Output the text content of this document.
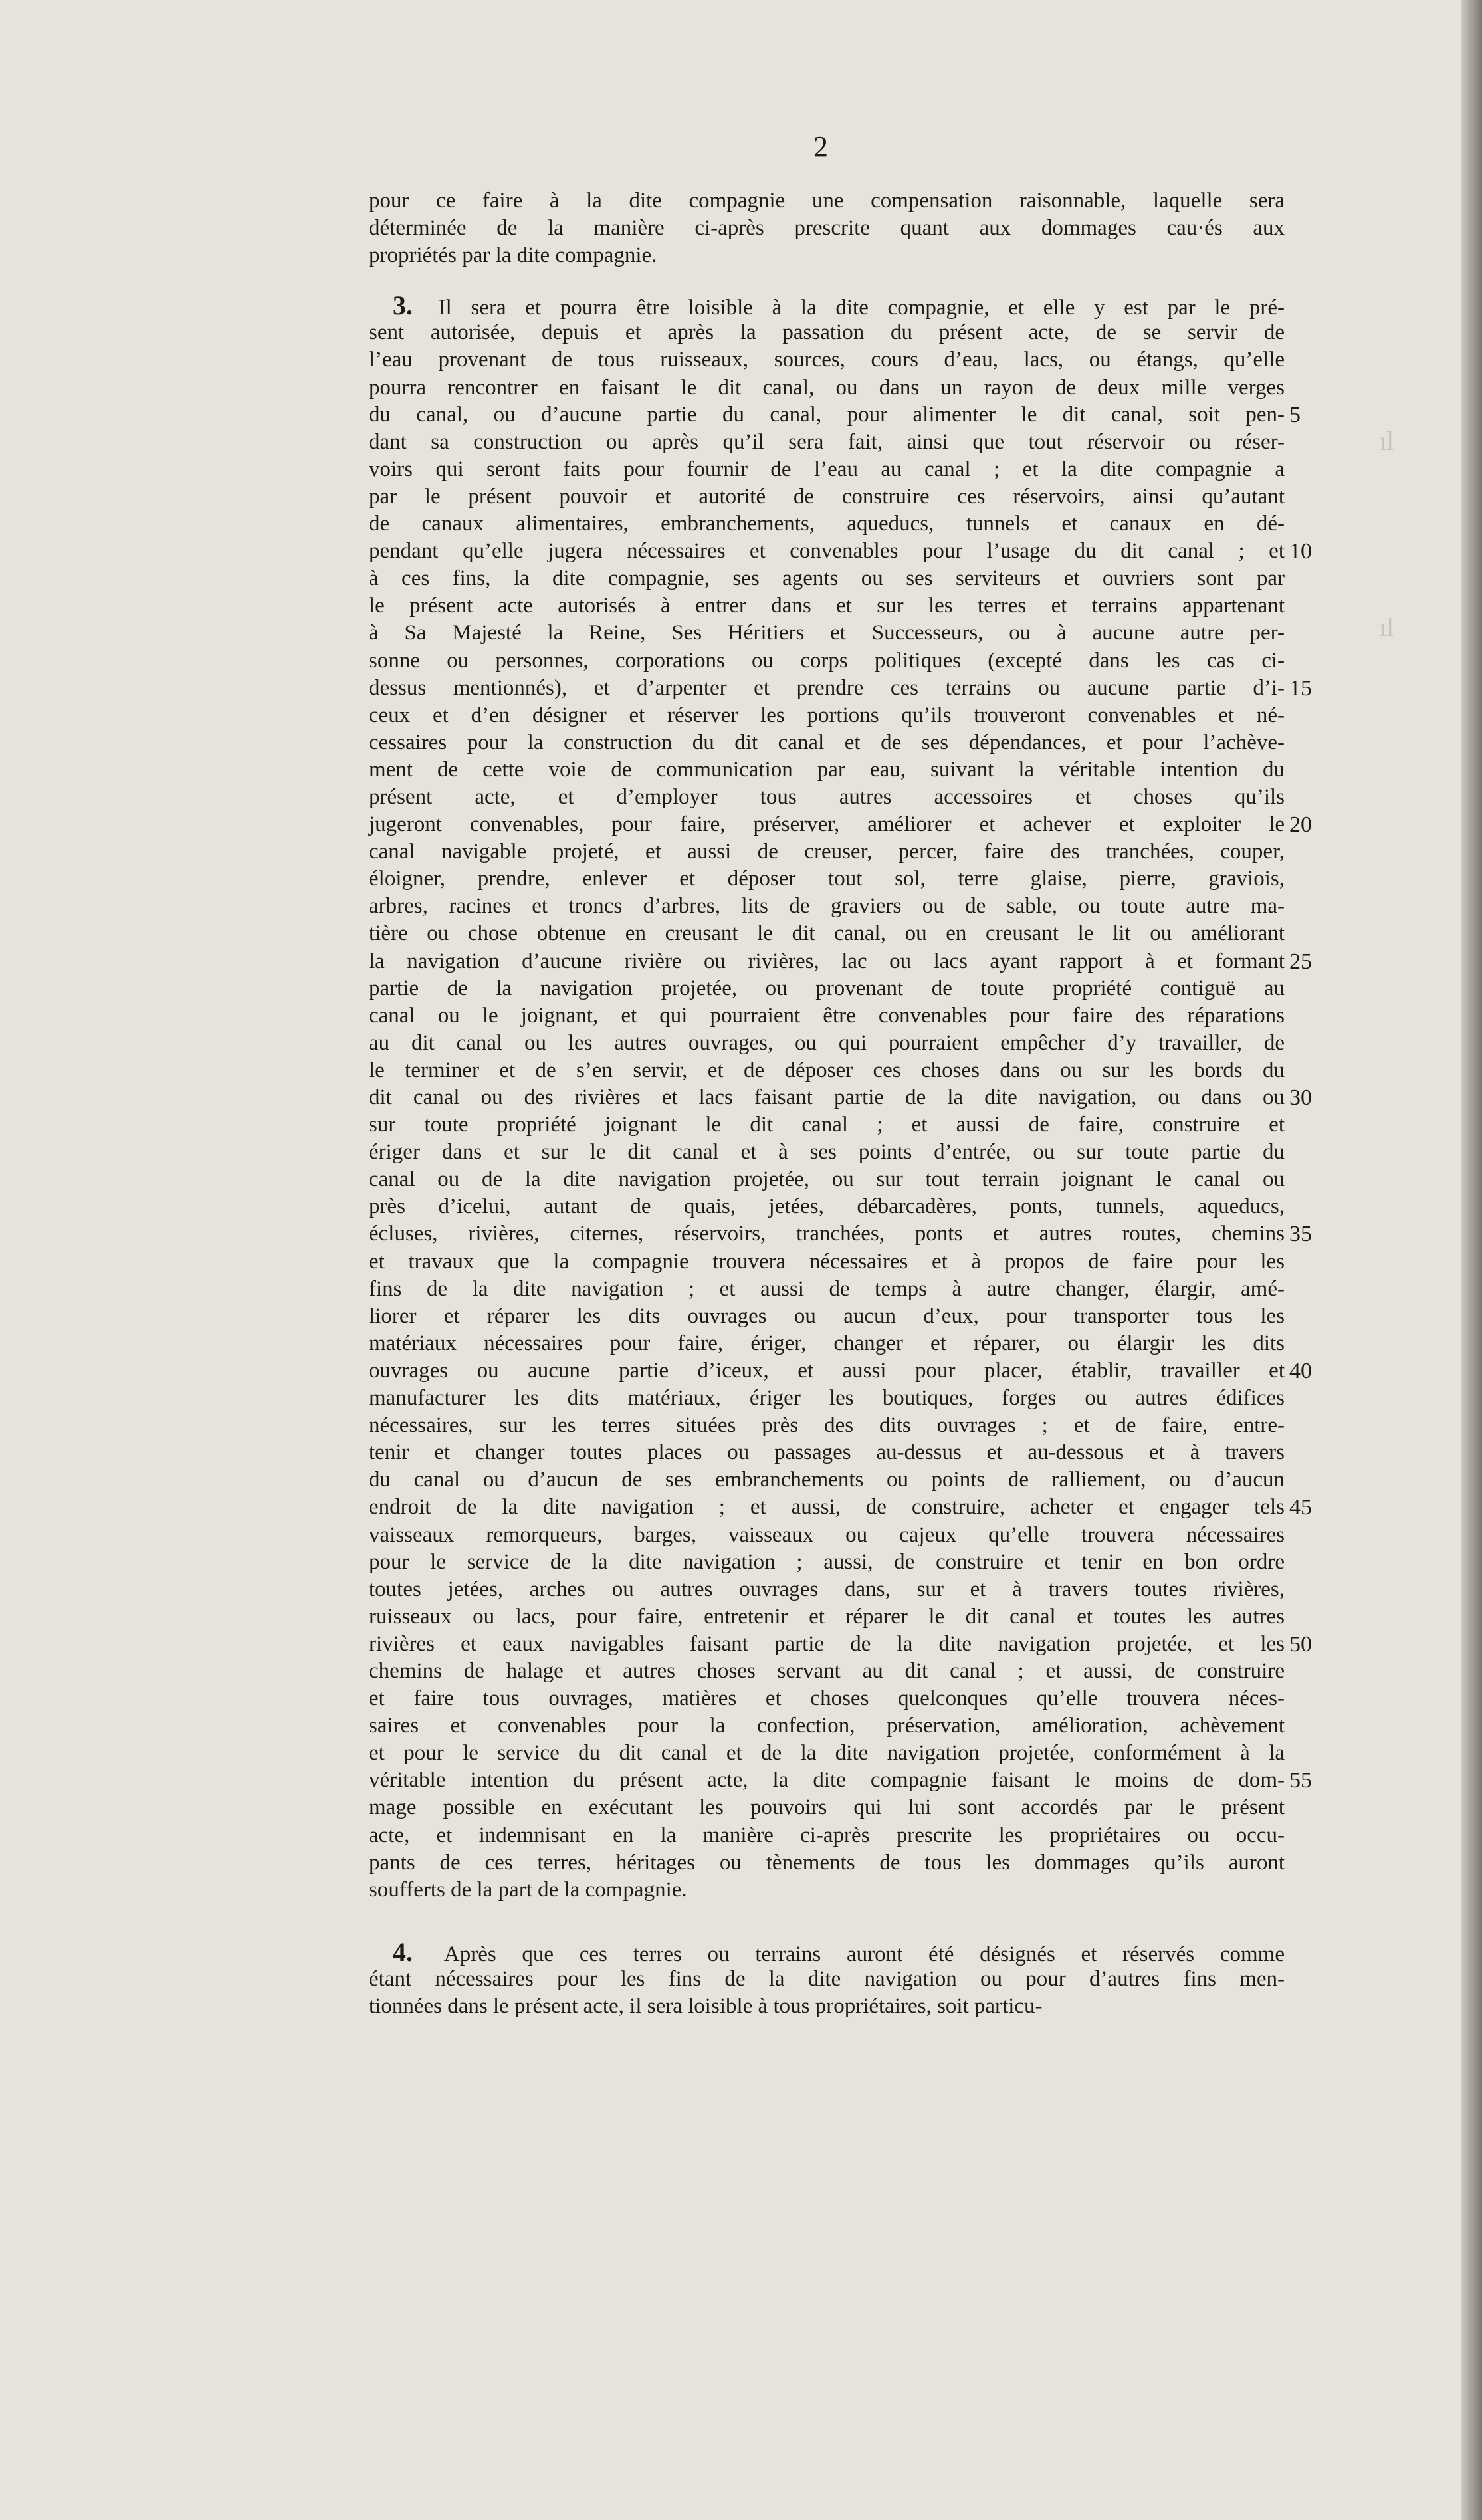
ıl
ıl
2
pour ce faire à la dite compagnie une compensation raisonnable, laquelle sera
déterminée de la manière ci-après prescrite quant aux dommages cau·és aux
propriétés par la dite compagnie.
3. Il sera et pourra être loisible à la dite compagnie, et elle y est par le pré-
sent autorisée, depuis et après la passation du présent acte, de se servir de
l’eau provenant de tous ruisseaux, sources, cours d’eau, lacs, ou étangs, qu’elle
pourra rencontrer en faisant le dit canal, ou dans un rayon de deux mille verges
du canal, ou d’aucune partie du canal, pour alimenter le dit canal, soit pen-
dant sa construction ou après qu’il sera fait, ainsi que tout réservoir ou réser-
voirs qui seront faits pour fournir de l’eau au canal ; et la dite compagnie a
par le présent pouvoir et autorité de construire ces réservoirs, ainsi qu’autant
de canaux alimentaires, embranchements, aqueducs, tunnels et canaux en dé-
pendant qu’elle jugera nécessaires et convenables pour l’usage du dit canal ; et
à ces fins, la dite compagnie, ses agents ou ses serviteurs et ouvriers sont par
le présent acte autorisés à entrer dans et sur les terres et terrains appartenant
à Sa Majesté la Reine, Ses Héritiers et Successeurs, ou à aucune autre per-
sonne ou personnes, corporations ou corps politiques (excepté dans les cas ci-
dessus mentionnés), et d’arpenter et prendre ces terrains ou aucune partie d’i-
ceux et d’en désigner et réserver les portions qu’ils trouveront convenables et né-
cessaires pour la construction du dit canal et de ses dépendances, et pour l’achève-
ment de cette voie de communication par eau, suivant la véritable intention du
présent acte, et d’employer tous autres accessoires et choses qu’ils
jugeront convenables, pour faire, préserver, améliorer et achever et exploiter le
canal navigable projeté, et aussi de creuser, percer, faire des tranchées, couper,
éloigner, prendre, enlever et déposer tout sol, terre glaise, pierre, graviois,
arbres, racines et troncs d’arbres, lits de graviers ou de sable, ou toute autre ma-
tière ou chose obtenue en creusant le dit canal, ou en creusant le lit ou améliorant
la navigation d’aucune rivière ou rivières, lac ou lacs ayant rapport à et formant
partie de la navigation projetée, ou provenant de toute propriété contiguë au
canal ou le joignant, et qui pourraient être convenables pour faire des réparations
au dit canal ou les autres ouvrages, ou qui pourraient empêcher d’y travailler, de
le terminer et de s’en servir, et de déposer ces choses dans ou sur les bords du
dit canal ou des rivières et lacs faisant partie de la dite navigation, ou dans ou
sur toute propriété joignant le dit canal ; et aussi de faire, construire et
ériger dans et sur le dit canal et à ses points d’entrée, ou sur toute partie du
canal ou de la dite navigation projetée, ou sur tout terrain joignant le canal ou
près d’icelui, autant de quais, jetées, débarcadères, ponts, tunnels, aqueducs,
écluses, rivières, citernes, réservoirs, tranchées, ponts et autres routes, chemins
et travaux que la compagnie trouvera nécessaires et à propos de faire pour les
fins de la dite navigation ; et aussi de temps à autre changer, élargir, amé-
liorer et réparer les dits ouvrages ou aucun d’eux, pour transporter tous les
matériaux nécessaires pour faire, ériger, changer et réparer, ou élargir les dits
ouvrages ou aucune partie d’iceux, et aussi pour placer, établir, travailler et
manufacturer les dits matériaux, ériger les boutiques, forges ou autres édifices
nécessaires, sur les terres situées près des dits ouvrages ; et de faire, entre-
tenir et changer toutes places ou passages au-dessus et au-dessous et à travers
du canal ou d’aucun de ses embranchements ou points de ralliement, ou d’aucun
endroit de la dite navigation ; et aussi, de construire, acheter et engager tels
vaisseaux remorqueurs, barges, vaisseaux ou cajeux qu’elle trouvera nécessaires
pour le service de la dite navigation ; aussi, de construire et tenir en bon ordre
toutes jetées, arches ou autres ouvrages dans, sur et à travers toutes rivières,
ruisseaux ou lacs, pour faire, entretenir et réparer le dit canal et toutes les autres
rivières et eaux navigables faisant partie de la dite navigation projetée, et les
chemins de halage et autres choses servant au dit canal ; et aussi, de construire
et faire tous ouvrages, matières et choses quelconques qu’elle trouvera néces-
saires et convenables pour la confection, préservation, amélioration, achèvement
et pour le service du dit canal et de la dite navigation projetée, conformément à la
véritable intention du présent acte, la dite compagnie faisant le moins de dom-
mage possible en exécutant les pouvoirs qui lui sont accordés par le présent
acte, et indemnisant en la manière ci-après prescrite les propriétaires ou occu-
pants de ces terres, héritages ou tènements de tous les dommages qu’ils auront
soufferts de la part de la compagnie.
4. Après que ces terres ou terrains auront été désignés et réservés comme
étant nécessaires pour les fins de la dite navigation ou pour d’autres fins men-
tionnées dans le présent acte, il sera loisible à tous propriétaires, soit particu-
5
10
15
20
25
30
35
40
45
50
55
